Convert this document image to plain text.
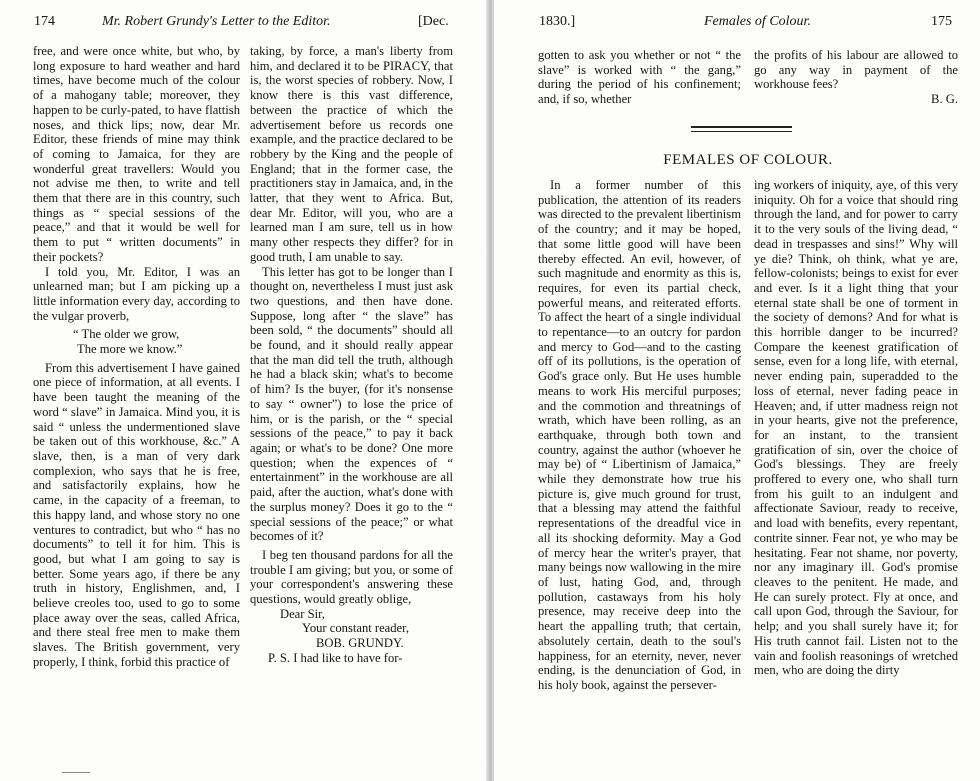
174	Mr. Robert Grundy's Letter to the Editor.	[Dec.

free, and were once white, but who, by long exposure to hard weather and hard times, have become much of the colour of a mahogany table; moreover, they happen to be curly-pated, to have flattish noses, and thick lips; now, dear Mr. Editor, these friends of mine may think of coming to Jamaica, for they are wonderful great travellers: Would you not advise me then, to write and tell them that there are in this country, such things as “ special sessions of the peace,” and that it would be well for them to put “ written documents” in their pockets?

I told you, Mr. Editor, I was an unlearned man; but I am picking up a little information every day, according to the vulgar proverb,

“ The older we grow,

The more we know.”

From this advertisement I have gained one piece of information, at all events. I have been taught the meaning of the word “ slave” in Jamaica. Mind you, it is said “ unless the undermentioned slave be taken out of this workhouse, &c.” A slave, then, is a man of very dark complexion, who says that he is free, and satisfactorily explains, how he came, in the capacity of a freeman, to this happy land, and whose story no one ventures to contradict, but who “ has no documents” to tell it for him. This is good, but what I am going to say is better. Some years ago, if there be any truth in history, Englishmen, and, I believe creoles too, used to go to some place away over the seas, called Africa, and there steal free men to make them slaves. The British government, very properly, I think, forbid this practice of

taking, by force, a man's liberty from him, and declared it to be PIRACY, that is, the worst species of robbery. Now, I know there is this vast difference, between the practice of which the advertisement before us records one example, and the practice declared to be robbery by the King and the people of England; that in the former case, the practitioners stay in Jamaica, and, in the latter, that they went to Africa. But, dear Mr. Editor, will you, who are a learned man I am sure, tell us in how many other respects they differ? for in good truth, I am unable to say.

This letter has got to be longer than I thought on, nevertheless I must just ask two questions, and then have done. Suppose, long after “ the slave” has been sold, “ the documents” should all be found, and it should really appear that the man did tell the truth, although he had a black skin; what's to become of him? Is the buyer, (for it's nonsense to say “ owner”) to lose the price of him, or is the parish, or the “ special sessions of the peace,” to pay it back again; or what's to be done? One more question; when the expences of “ entertainment” in the workhouse are all paid, after the auction, what's done with the surplus money? Does it go to the “ special sessions of the peace;” or what becomes of it?

I beg ten thousand pardons for all the trouble I am giving; but you, or some of your correspondent's answering these questions, would greatly oblige,

Dear Sir,

Your constant reader,

BOB. GRUNDY.

P. S. I had like to have for-

1830.]	Females of Colour.	175

gotten to ask you whether or not “ the slave” is worked with “ the gang,” during the period of his confinement; and, if so, whether

the profits of his labour are allowed to go any way in payment of the workhouse fees?

B. G.

FEMALES OF COLOUR.

In a former number of this publication, the attention of its readers was directed to the prevalent libertinism of the country; and it may be hoped, that some little good will have been thereby effected. An evil, however, of such magnitude and enormity as this is, requires, for even its partial check, powerful means, and reiterated efforts. To affect the heart of a single individual to repentance—to an outcry for pardon and mercy to God—and to the casting off of its pollutions, is the operation of God's grace only. But He uses humble means to work His merciful purposes; and the commotion and threatnings of wrath, which have been rolling, as an earthquake, through both town and country, against the author (whoever he may be) of “ Libertinism of Jamaica,” while they demonstrate how true his picture is, give much ground for trust, that a blessing may attend the faithful representations of the dreadful vice in all its shocking deformity. May a God of mercy hear the writer's prayer, that many beings now wallowing in the mire of lust, hating God, and, through pollution, castaways from his holy presence, may receive deep into the heart the appalling truth; that certain, absolutely certain, death to the soul's happiness, for an eternity, never, never ending, is the denunciation of God, in his holy book, against the persever-

ing workers of iniquity, aye, of this very iniquity. Oh for a voice that should ring through the land, and for power to carry it to the very souls of the living dead, “ dead in trespasses and sins!” Why will ye die? Think, oh think, what ye are, fellow-colonists; beings to exist for ever and ever. Is it a light thing that your eternal state shall be one of torment in the society of demons? And for what is this horrible danger to be incurred? Compare the keenest gratification of sense, even for a long life, with eternal, never ending pain, superadded to the loss of eternal, never fading peace in Heaven; and, if utter madness reign not in your hearts, give not the preference, for an instant, to the transient gratification of sin, over the choice of God's blessings. They are freely proffered to every one, who shall turn from his guilt to an indulgent and affectionate Saviour, ready to receive, and load with benefits, every repentant, contrite sinner. Fear not, ye who may be hesitating. Fear not shame, nor poverty, nor any imaginary ill. God's promise cleaves to the penitent. He made, and He can surely protect. Fly at once, and call upon God, through the Saviour, for help; and you shall surely have it; for His truth cannot fail. Listen not to the vain and foolish reasonings of wretched men, who are doing the dirty
